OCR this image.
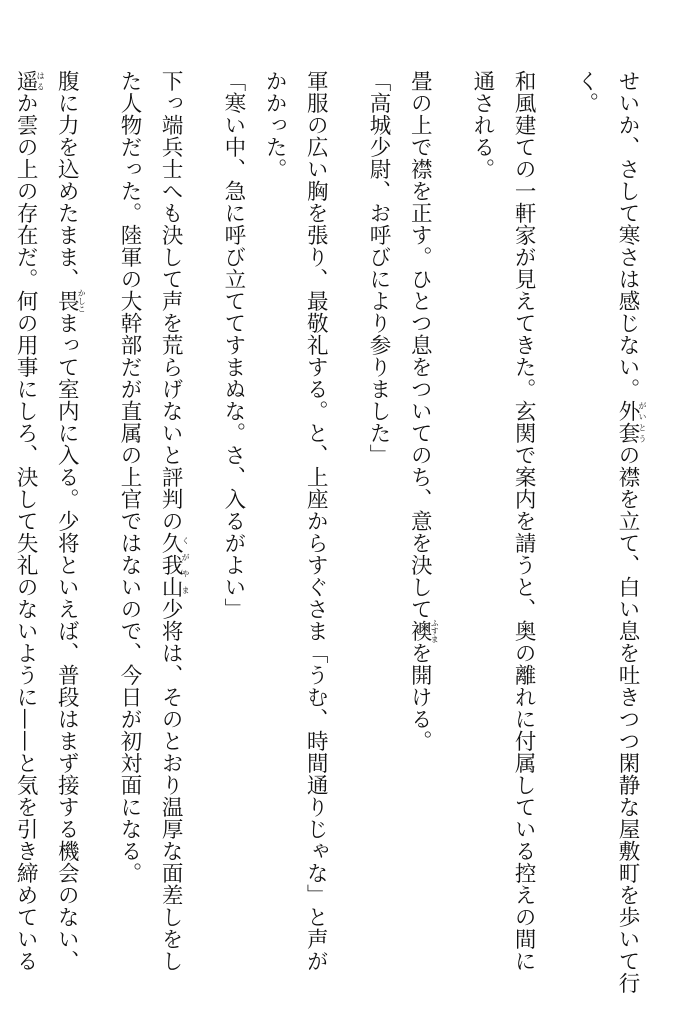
せいか、さして寒さは感じない。外套がいとうの襟を立て、白い息を吐きつつ閑静な屋敷町を歩いて行
く。
和風建ての一軒家が見えてきた。玄関で案内を請うと、奥の離れに付属している控えの間に
通される。
畳の上で襟を正す。ひとつ息をついてのち、意を決して襖ふすまを開ける。
「高城少尉、お呼びにより参りました」
軍服の広い胸を張り、最敬礼する。と、上座からすぐさま「うむ、時間通りじゃな」と声が
かかった。
「寒い中、急に呼び立ててすまぬな。さ、入るがよい」
下っ端兵士へも決して声を荒らげないと評判の久我山くがやま少将は、そのとおり温厚な面差しをし
た人物だった。陸軍の大幹部だが直属の上官ではないので、今日が初対面になる。
腹に力を込めたまま、畏かしこまって室内に入る。少将といえば、普段はまず接する機会のない、
遥はるか雲の上の存在だ。何の用事にしろ、決して失礼のないように——と気を引き締めている
